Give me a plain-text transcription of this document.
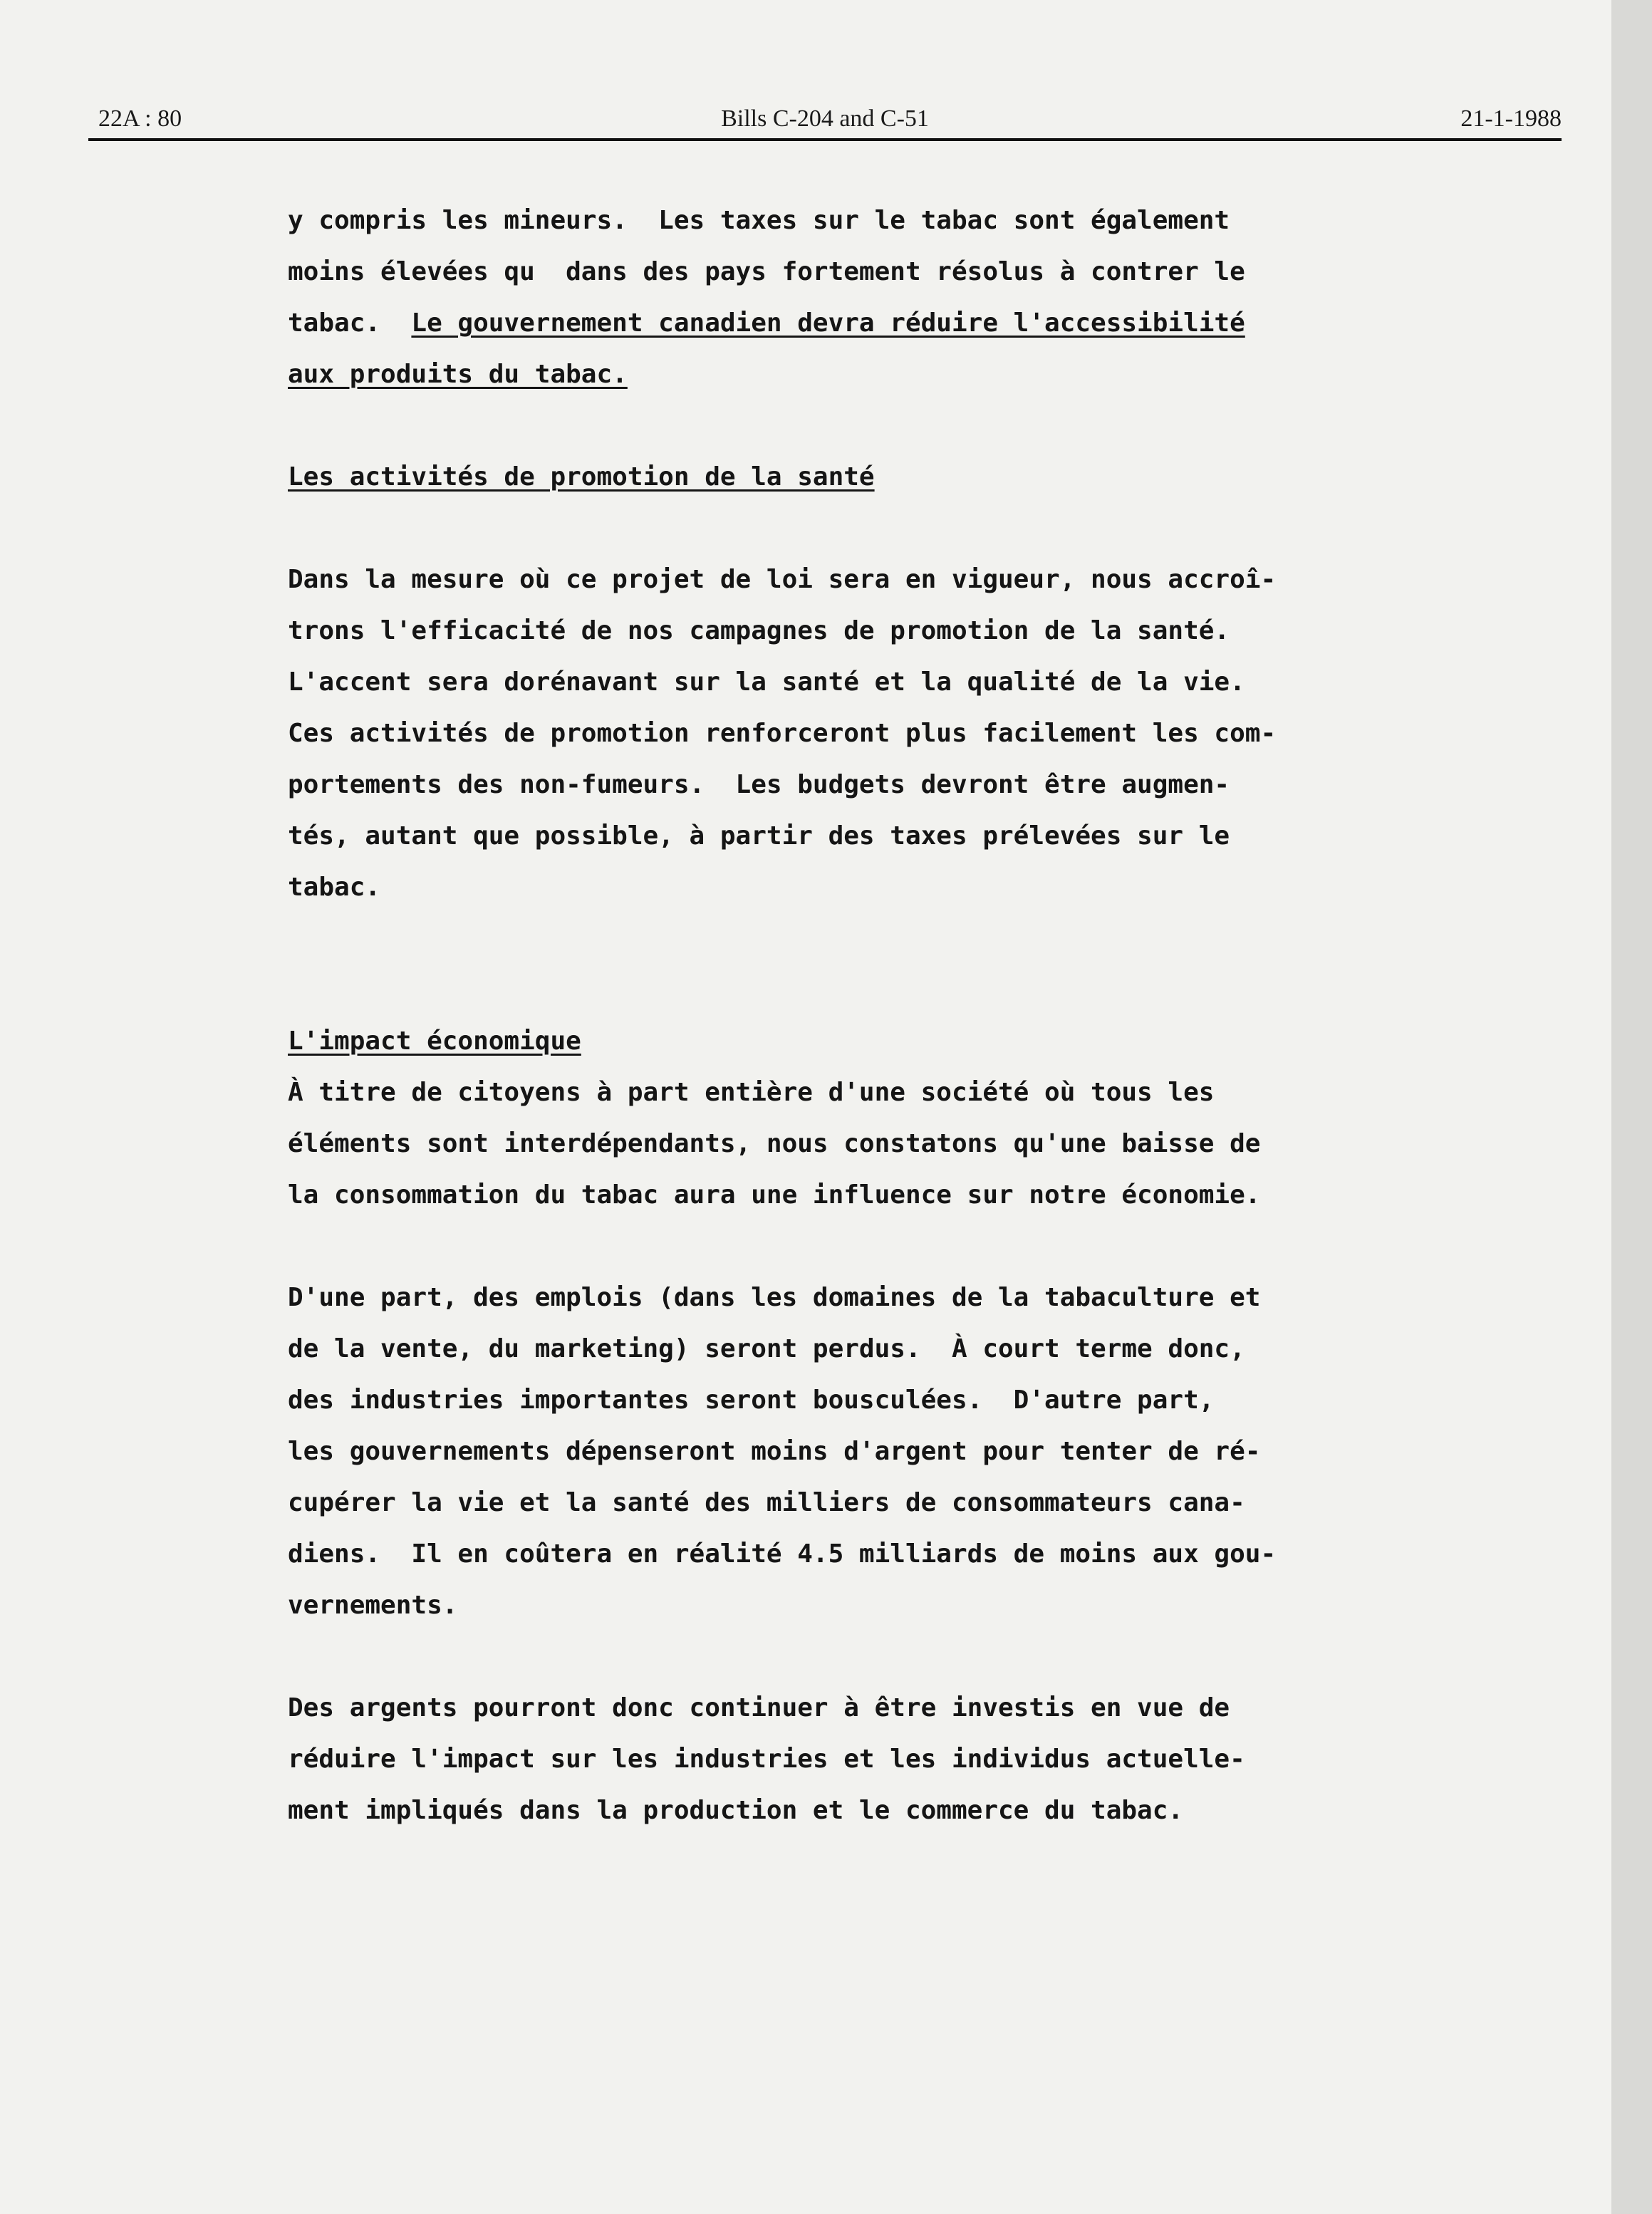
Bills C-204 and C-51
22A : 80	21-1-1988
y compris les mineurs.  Les taxes sur le tabac sont également
moins élevées qu  dans des pays fortement résolus à contrer le
tabac.  Le gouvernement canadien devra réduire l'accessibilité
aux produits du tabac.
Les activités de promotion de la santé
Dans la mesure où ce projet de loi sera en vigueur, nous accroî-
trons l'efficacité de nos campagnes de promotion de la santé.
L'accent sera dorénavant sur la santé et la qualité de la vie.
Ces activités de promotion renforceront plus facilement les com-
portements des non-fumeurs.  Les budgets devront être augmen-
tés, autant que possible, à partir des taxes prélevées sur le
tabac.
L'impact économique
À titre de citoyens à part entière d'une société où tous les
éléments sont interdépendants, nous constatons qu'une baisse de
la consommation du tabac aura une influence sur notre économie.
D'une part, des emplois (dans les domaines de la tabaculture et
de la vente, du marketing) seront perdus.  À court terme donc,
des industries importantes seront bousculées.  D'autre part,
les gouvernements dépenseront moins d'argent pour tenter de ré-
cupérer la vie et la santé des milliers de consommateurs cana-
diens.  Il en coûtera en réalité 4.5 milliards de moins aux gou-
vernements.
Des argents pourront donc continuer à être investis en vue de
réduire l'impact sur les industries et les individus actuelle-
ment impliqués dans la production et le commerce du tabac.
